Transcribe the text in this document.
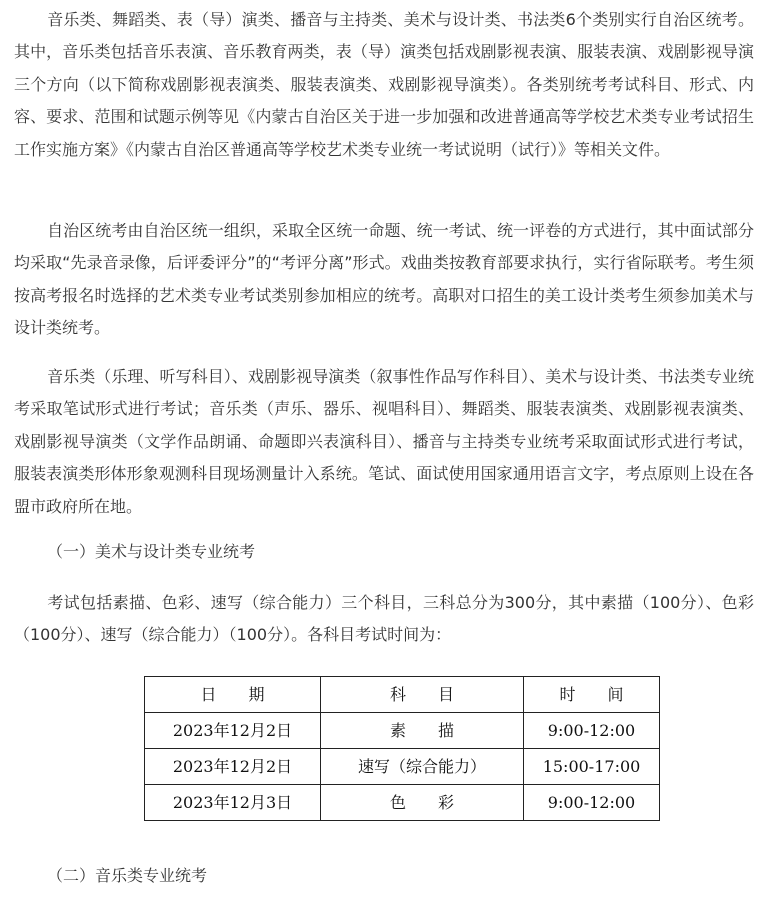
音乐类、舞蹈类、表（导）演类、播音与主持类、美术与设计类、书法类6个类别实行自治区统考。其中，音乐类包括音乐表演、音乐教育两类，表（导）演类包括戏剧影视表演、服装表演、戏剧影视导演三个方向（以下简称戏剧影视表演类、服装表演类、戏剧影视导演类）。各类别统考考试科目、形式、内容、要求、范围和试题示例等见《内蒙古自治区关于进一步加强和改进普通高等学校艺术类专业考试招生工作实施方案》《内蒙古自治区普通高等学校艺术类专业统一考试说明（试行）》等相关文件。

自治区统考由自治区统一组织，采取全区统一命题、统一考试、统一评卷的方式进行，其中面试部分均采取“先录音录像，后评委评分”的“考评分离”形式。戏曲类按教育部要求执行，实行省际联考。考生须按高考报名时选择的艺术类专业考试类别参加相应的统考。高职对口招生的美工设计类考生须参加美术与设计类统考。

音乐类（乐理、听写科目）、戏剧影视导演类（叙事性作品写作科目）、美术与设计类、书法类专业统考采取笔试形式进行考试；音乐类（声乐、器乐、视唱科目）、舞蹈类、服装表演类、戏剧影视表演类、戏剧影视导演类（文学作品朗诵、命题即兴表演科目）、播音与主持类专业统考采取面试形式进行考试，服装表演类形体形象观测科目现场测量计入系统。笔试、面试使用国家通用语言文字，考点原则上设在各盟市政府所在地。

（一）美术与设计类专业统考

考试包括素描、色彩、速写（综合能力）三个科目，三科总分为300分，其中素描（100分）、色彩（100分）、速写（综合能力）（100分）。各科目考试时间为：

日　　期	科　　目	时　　间
2023年12月2日	素　　描	9:00-12:00
2023年12月2日	速写（综合能力）	15:00-17:00
2023年12月3日	色　　彩	9:00-12:00

（二）音乐类专业统考
